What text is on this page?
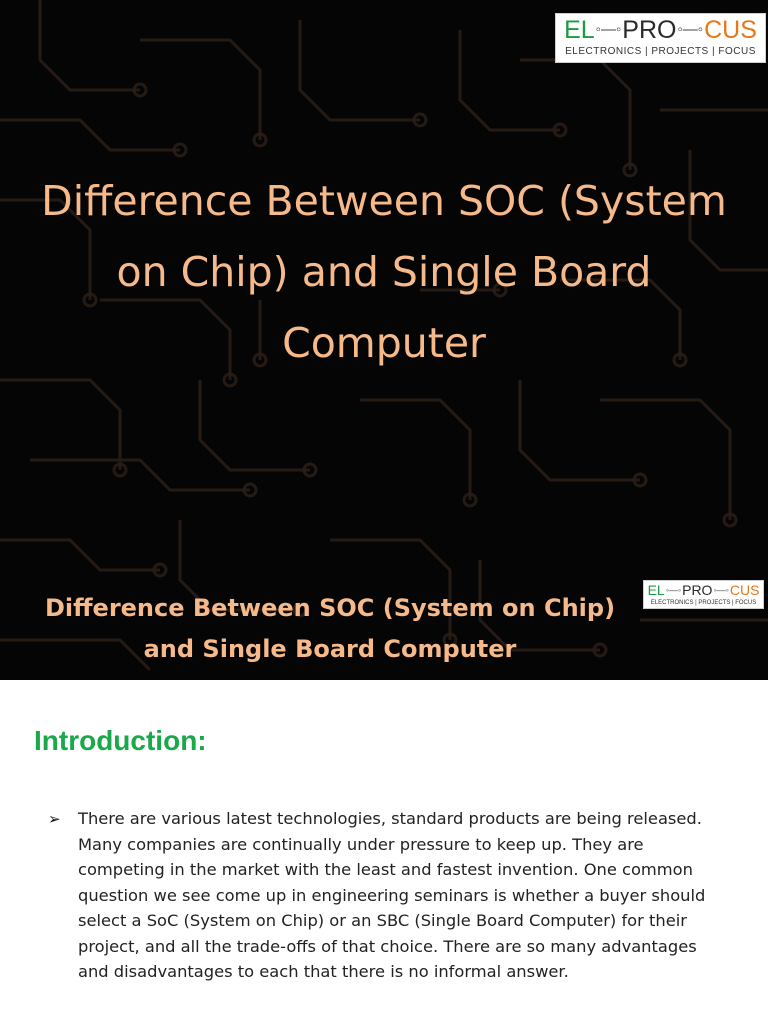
EL ◦—◦ PRO ◦—◦ CUS
ELECTRONICS | PROJECTS | FOCUS
Difference Between SOC (System on Chip) and Single Board Computer
Difference Between SOC (System on Chip) and Single Board Computer
EL ◦—◦ PRO ◦—◦ CUS
ELECTRONICS | PROJECTS | FOCUS
Introduction:
➢	There are various latest technologies, standard products are being released. Many companies are continually under pressure to keep up. They are competing in the market with the least and fastest invention. One common question we see come up in engineering seminars is whether a buyer should select a SoC (System on Chip) or an SBC (Single Board Computer) for their project, and all the trade-offs of that choice. There are so many advantages and disadvantages to each that there is no informal answer.
